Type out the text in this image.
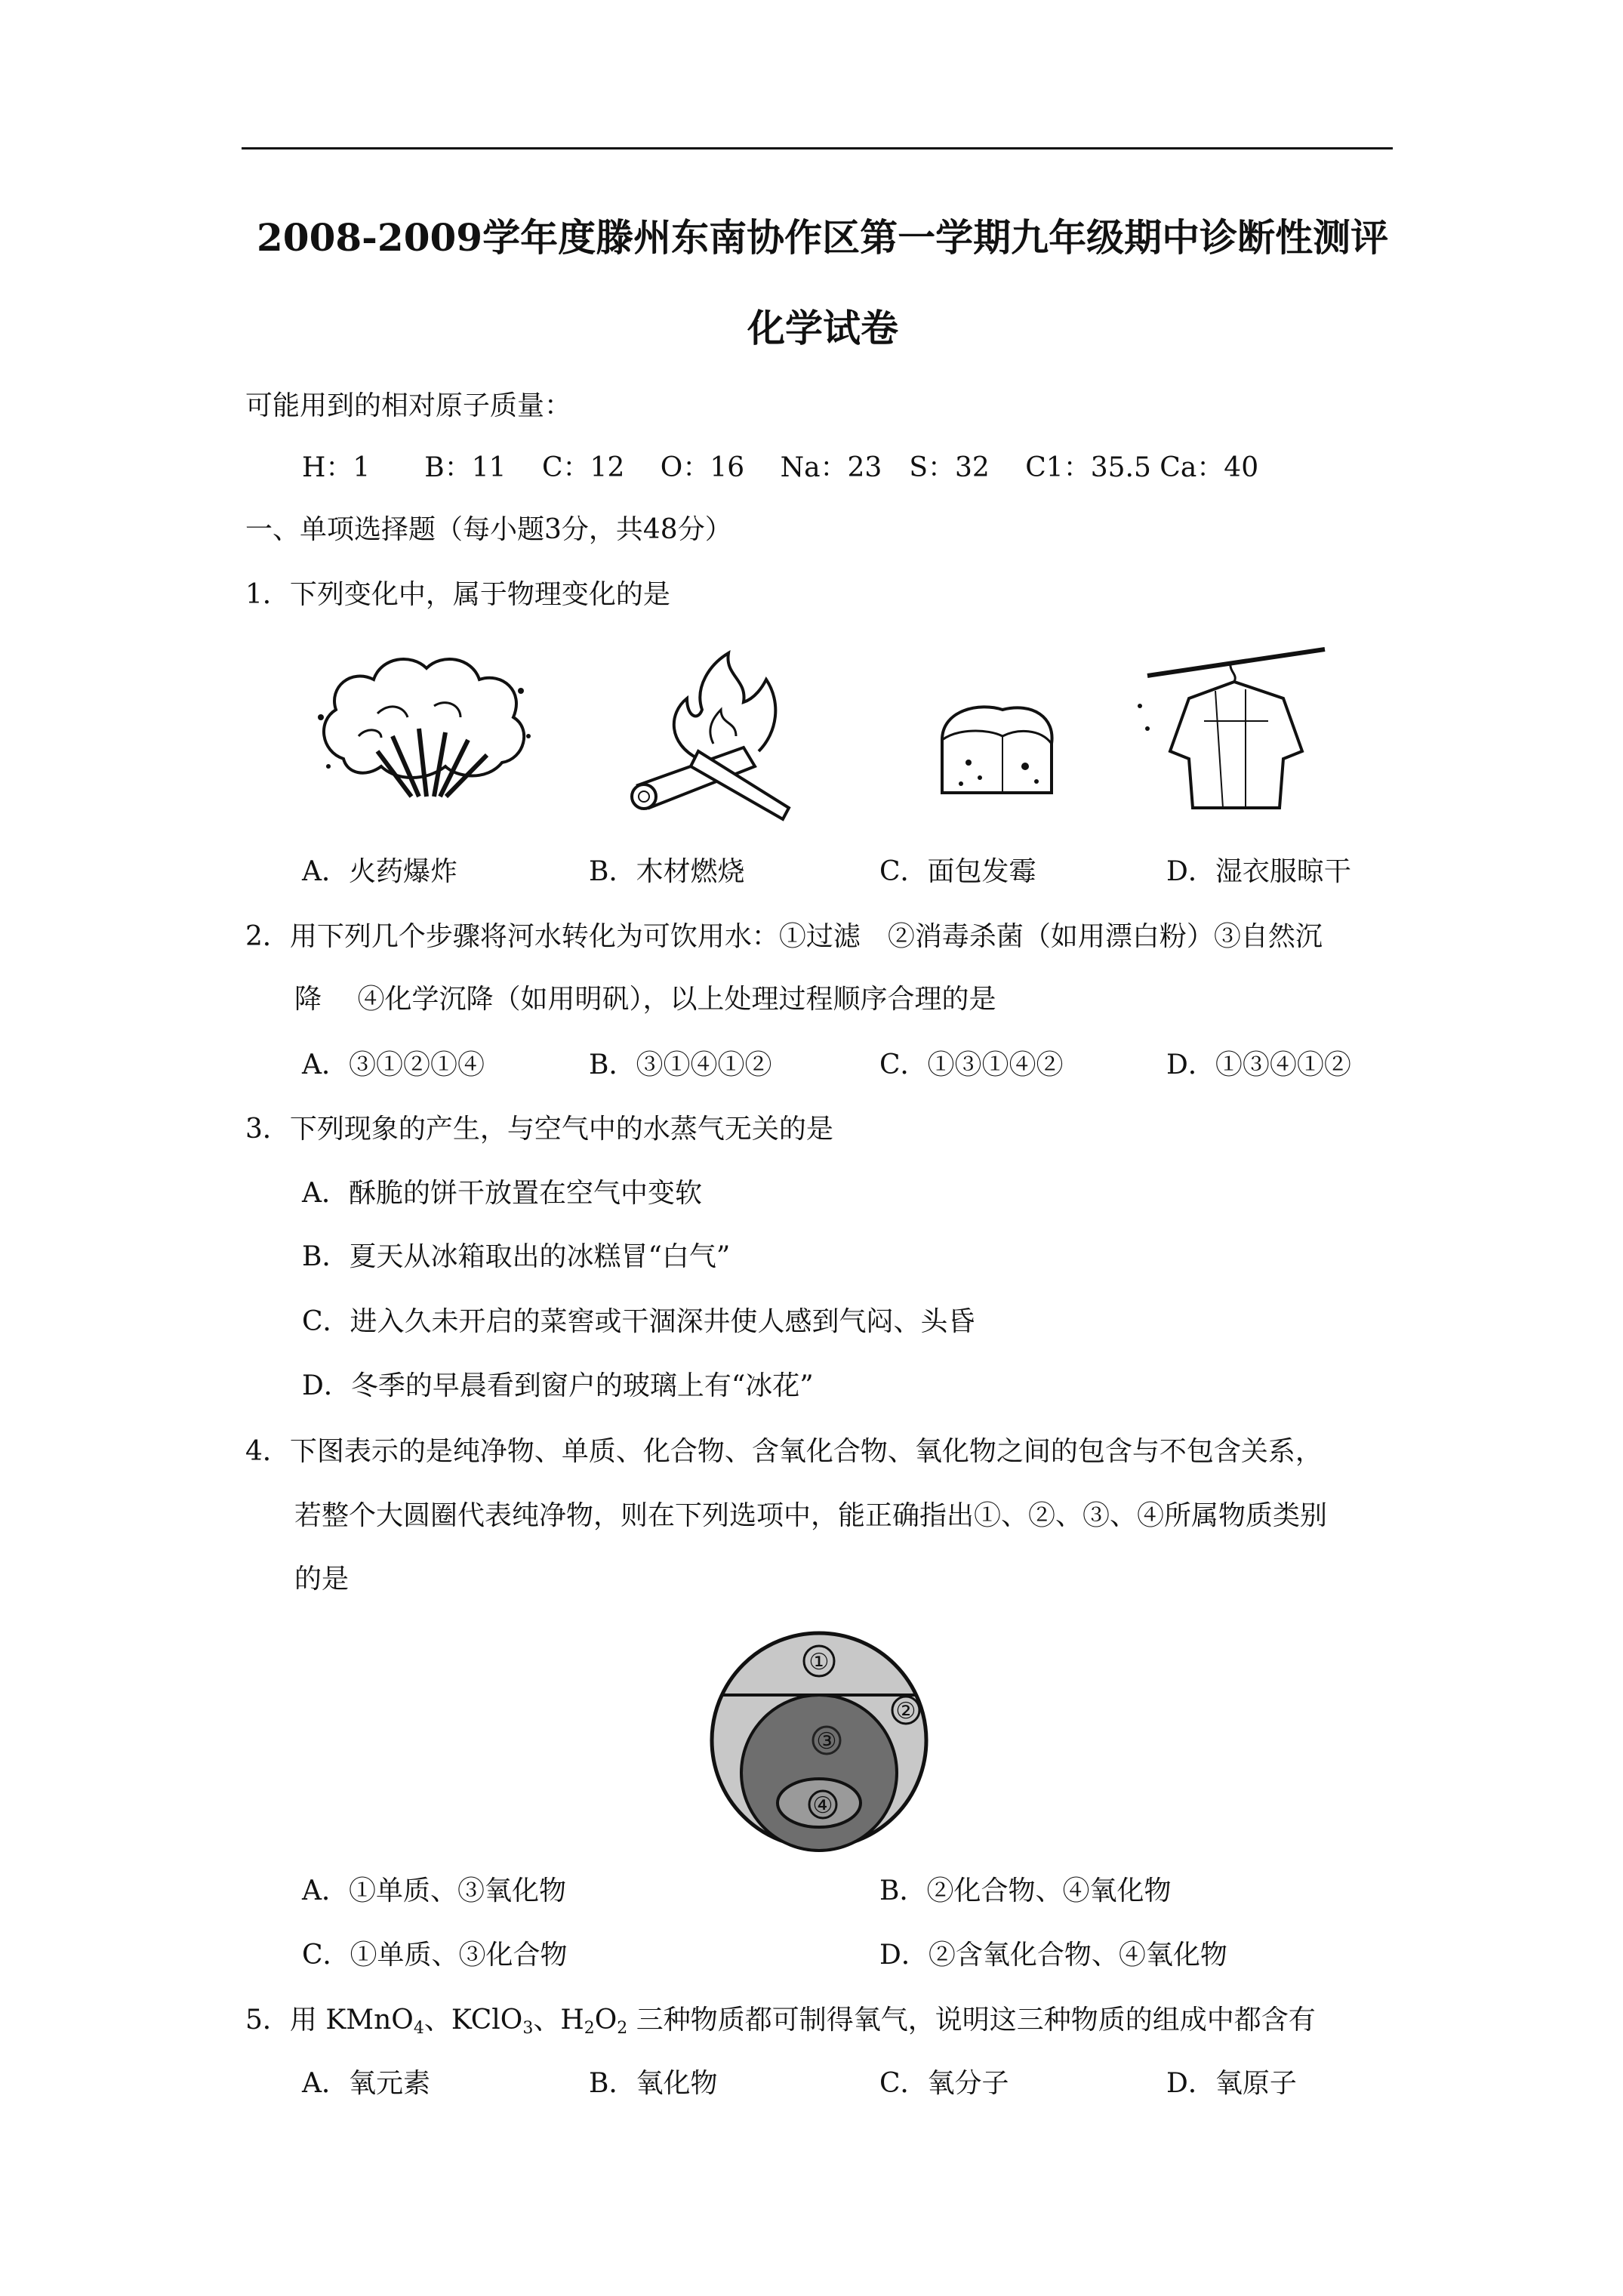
2008-2009学年度滕州东南协作区第一学期九年级期中诊断性测评
化学试卷
可能用到的相对原子质量：
H：1　　B：11　 C：12　 O：16　 Na：23　S：32　 C1：35.5 Ca：40
一、单项选择题（每小题3分，共48分）
1．下列变化中，属于物理变化的是
A．火药爆炸	B．木材燃烧	C．面包发霉	D．湿衣服晾干
2．用下列几个步骤将河水转化为可饮用水：①过滤　②消毒杀菌（如用漂白粉）③自然沉
降　 ④化学沉降（如用明矾），以上处理过程顺序合理的是
A．③①②①④	B．③①④①②	C．①③①④②	D．①③④①②
3．下列现象的产生，与空气中的水蒸气无关的是
A．酥脆的饼干放置在空气中变软
B．夏天从冰箱取出的冰糕冒“白气”
C．进入久未开启的菜窖或干涸深井使人感到气闷、头昏
D．冬季的早晨看到窗户的玻璃上有“冰花”
4．下图表示的是纯净物、单质、化合物、含氧化合物、氧化物之间的包含与不包含关系，
若整个大圆圈代表纯净物，则在下列选项中，能正确指出①、②、③、④所属物质类别
的是
①
②
③
④
A．①单质、③氧化物	B．②化合物、④氧化物
C．①单质、③化合物	D．②含氧化合物、④氧化物
5．用 KMnO$_4$、KClO$_3$、$H_2O_2$ 三种物质都可制得氧气，说明这三种物质的组成中都含有
A．氧元素	B．氧化物	C．氧分子	D．氧原子
